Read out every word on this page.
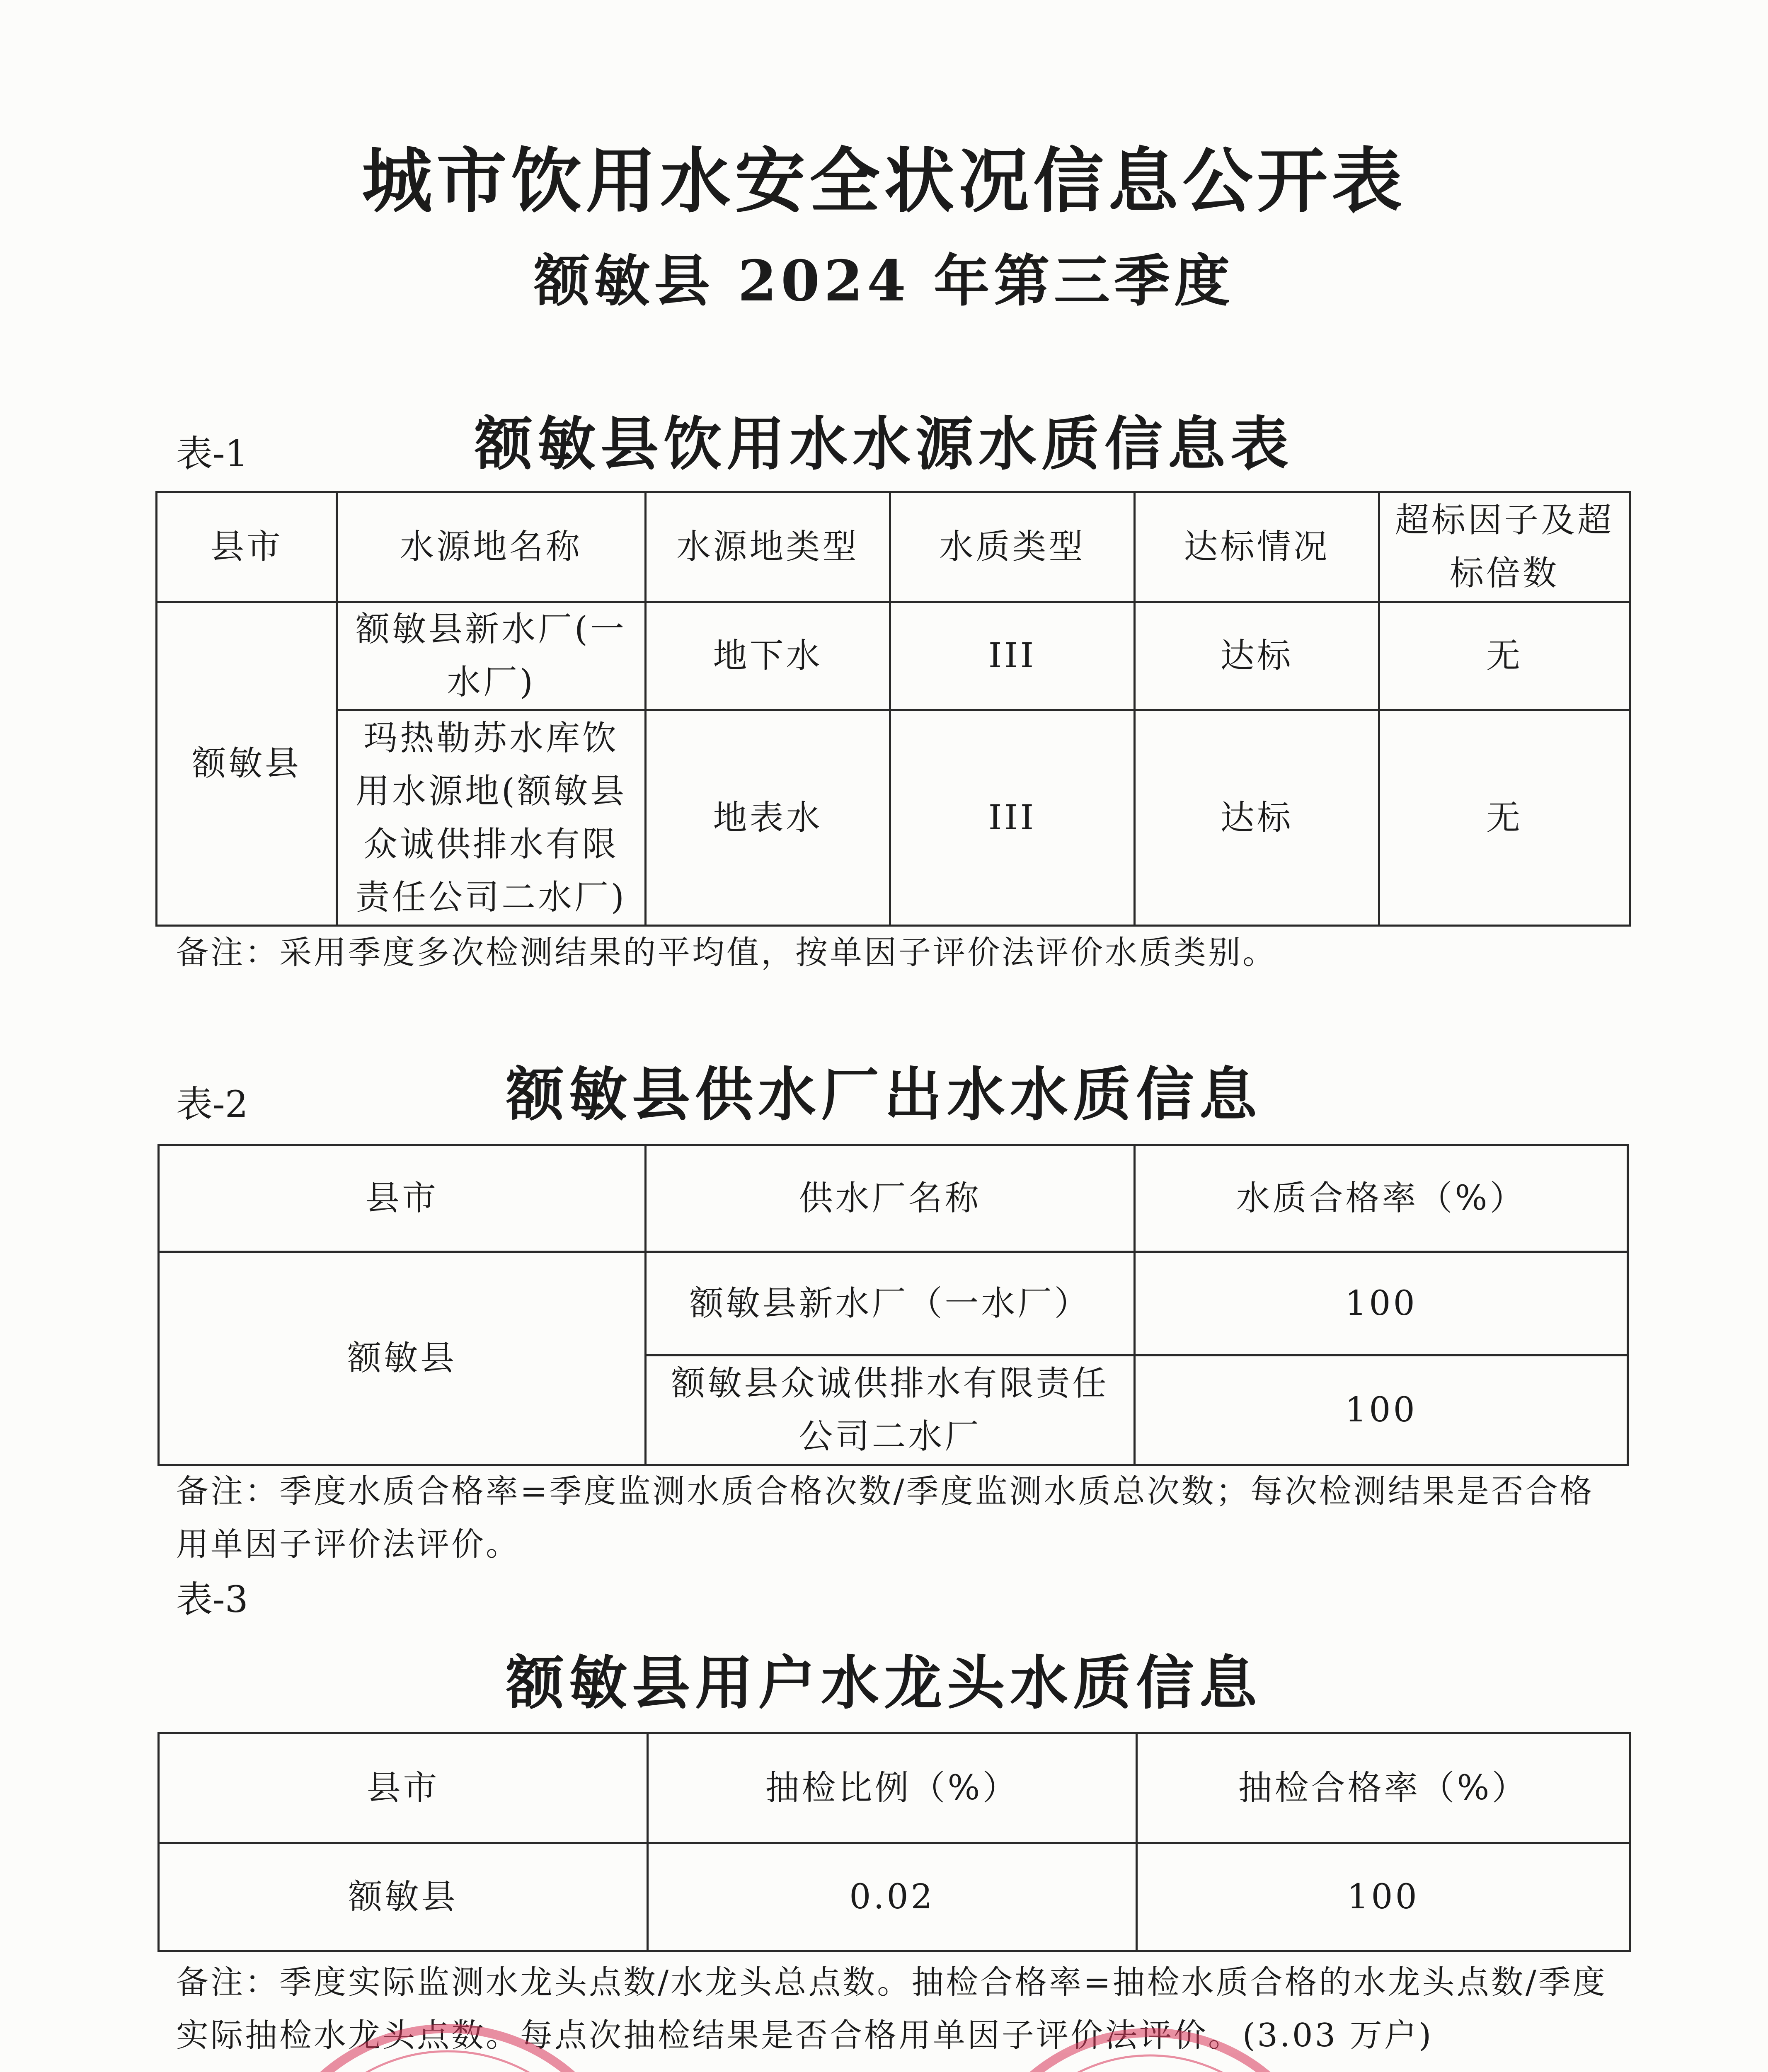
城市饮用水安全状况信息公开表
额敏县 2024 年第三季度
表-1	额敏县饮用水水源水质信息表
县市	水源地名称	水源地类型	水质类型	达标情况	超标因子及超标倍数
额敏县	额敏县新水厂(一水厂)	地下水	III	达标	无
	玛热勒苏水库饮用水源地(额敏县众诚供排水有限责任公司二水厂)	地表水	III	达标	无
备注：采用季度多次检测结果的平均值，按单因子评价法评价水质类别。
表-2	额敏县供水厂出水水质信息
县市	供水厂名称	水质合格率（%）
额敏县	额敏县新水厂（一水厂）	100
	额敏县众诚供排水有限责任公司二水厂	100
备注：季度水质合格率=季度监测水质合格次数/季度监测水质总次数；每次检测结果是否合格用单因子评价法评价。
表-3
额敏县用户水龙头水质信息
县市	抽检比例（%）	抽检合格率（%）
额敏县	0.02	100
备注：季度实际监测水龙头点数/水龙头总点数。抽检合格率=抽检水质合格的水龙头点数/季度实际抽检水龙头点数。每点次抽检结果是否合格用单因子评价法评价。(3.03 万户)
